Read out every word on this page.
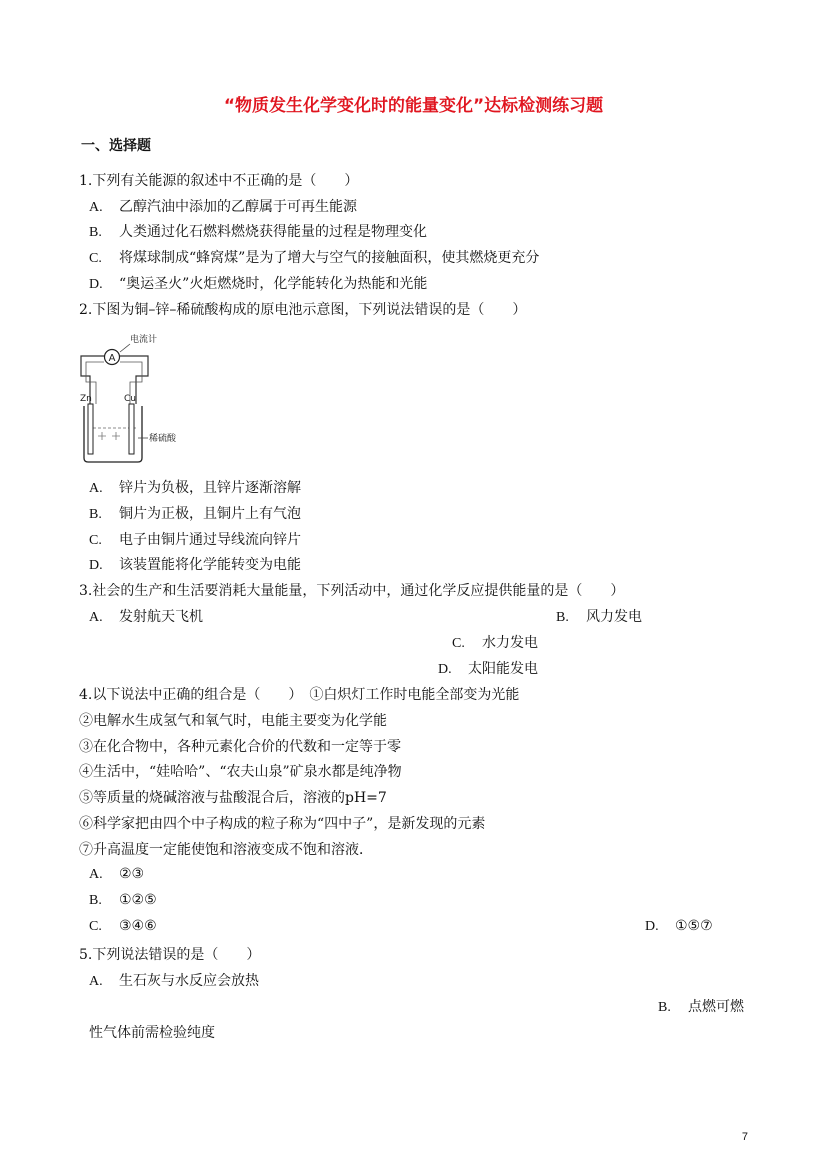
“物质发生化学变化时的能量变化”达标检测练习题
一、选择题
1.下列有关能源的叙述中不正确的是（　　）
A. 乙醇汽油中添加的乙醇属于可再生能源
B. 人类通过化石燃料燃烧获得能量的过程是物理变化
C. 将煤球制成“蜂窝煤”是为了增大与空气的接触面积，使其燃烧更充分
D. “奥运圣火”火炬燃烧时，化学能转化为热能和光能
2.下图为铜–锌–稀硫酸构成的原电池示意图，下列说法错误的是（　　）
A
电流计
Zn	Cu
稀硫酸
A. 锌片为负极，且锌片逐渐溶解
B. 铜片为正极，且铜片上有气泡
C. 电子由铜片通过导线流向锌片
D. 该装置能将化学能转变为电能
3.社会的生产和生活要消耗大量能量，下列活动中，通过化学反应提供能量的是（　　）
A. 发射航天飞机	B. 风力发电
C. 水力发电
D. 太阳能发电
4.以下说法中正确的组合是（　　）　①白炽灯工作时电能全部变为光能
②电解水生成氢气和氧气时，电能主要变为化学能
③在化合物中，各种元素化合价的代数和一定等于零
④生活中，“娃哈哈”、“农夫山泉”矿泉水都是纯净物
⑤等质量的烧碱溶液与盐酸混合后，溶液的pH=7
⑥科学家把由四个中子构成的粒子称为“四中子”，是新发现的元素
⑦升高温度一定能使饱和溶液变成不饱和溶液．
A. ②③
B. ①②⑤
C. ③④⑥	D. ①⑤⑦
5.下列说法错误的是（　　）
A. 生石灰与水反应会放热
B. 点燃可燃
性气体前需检验纯度
7
